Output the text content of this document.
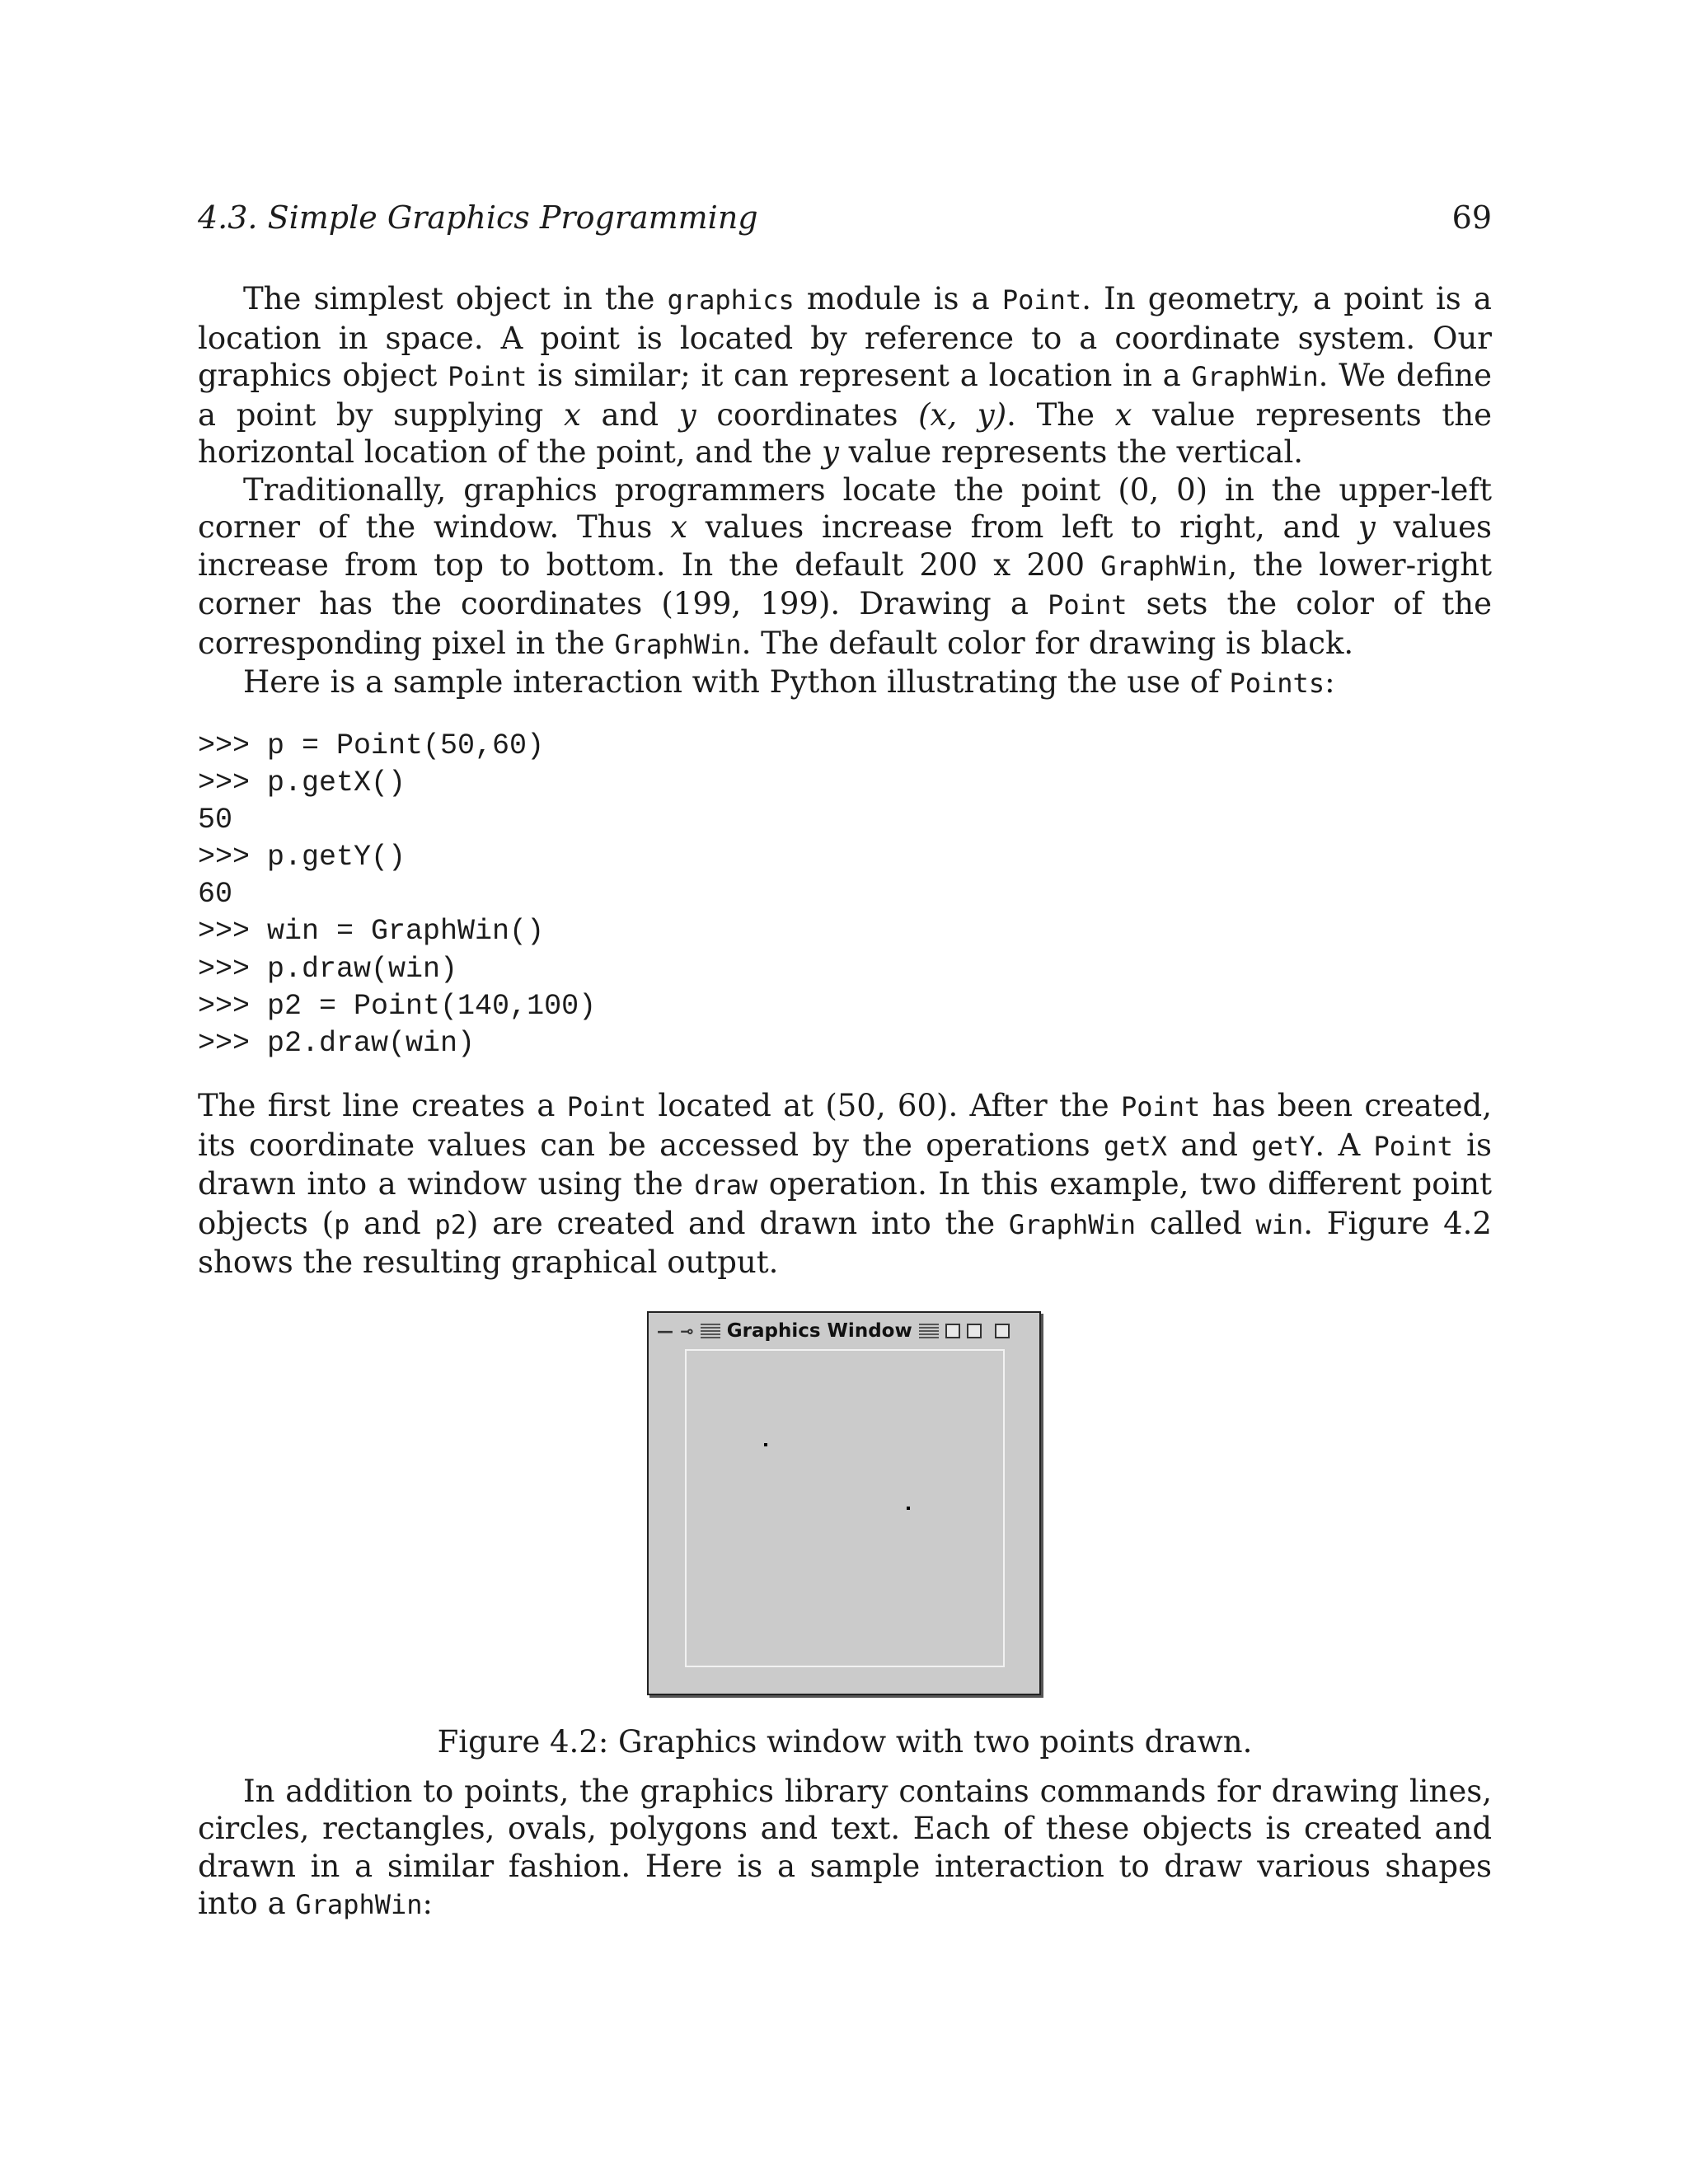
4.3. Simple Graphics Programming	69

The simplest object in the graphics module is a Point. In geometry, a point is a location in space. A point is located by reference to a coordinate system. Our graphics object Point is similar; it can represent a location in a GraphWin. We define a point by supplying x and y coordinates (x, y). The x value represents the horizontal location of the point, and the y value represents the vertical.

Traditionally, graphics programmers locate the point (0, 0) in the upper-left corner of the window. Thus x values increase from left to right, and y values increase from top to bottom. In the default 200 x 200 GraphWin, the lower-right corner has the coordinates (199, 199). Drawing a Point sets the color of the corresponding pixel in the GraphWin. The default color for drawing is black.

Here is a sample interaction with Python illustrating the use of Points:

>>> p = Point(50,60)
>>> p.getX()
50
>>> p.getY()
60
>>> win = GraphWin()
>>> p.draw(win)
>>> p2 = Point(140,100)
>>> p2.draw(win)

The first line creates a Point located at (50, 60). After the Point has been created, its coordinate values can be accessed by the operations getX and getY. A Point is drawn into a window using the draw operation. In this example, two different point objects (p and p2) are created and drawn into the GraphWin called win. Figure 4.2 shows the resulting graphical output.

— ⊸ Graphics Window
Figure 4.2: Graphics window with two points drawn.

In addition to points, the graphics library contains commands for drawing lines, circles, rectangles, ovals, polygons and text. Each of these objects is created and drawn in a similar fashion. Here is a sample interaction to draw various shapes into a GraphWin:
